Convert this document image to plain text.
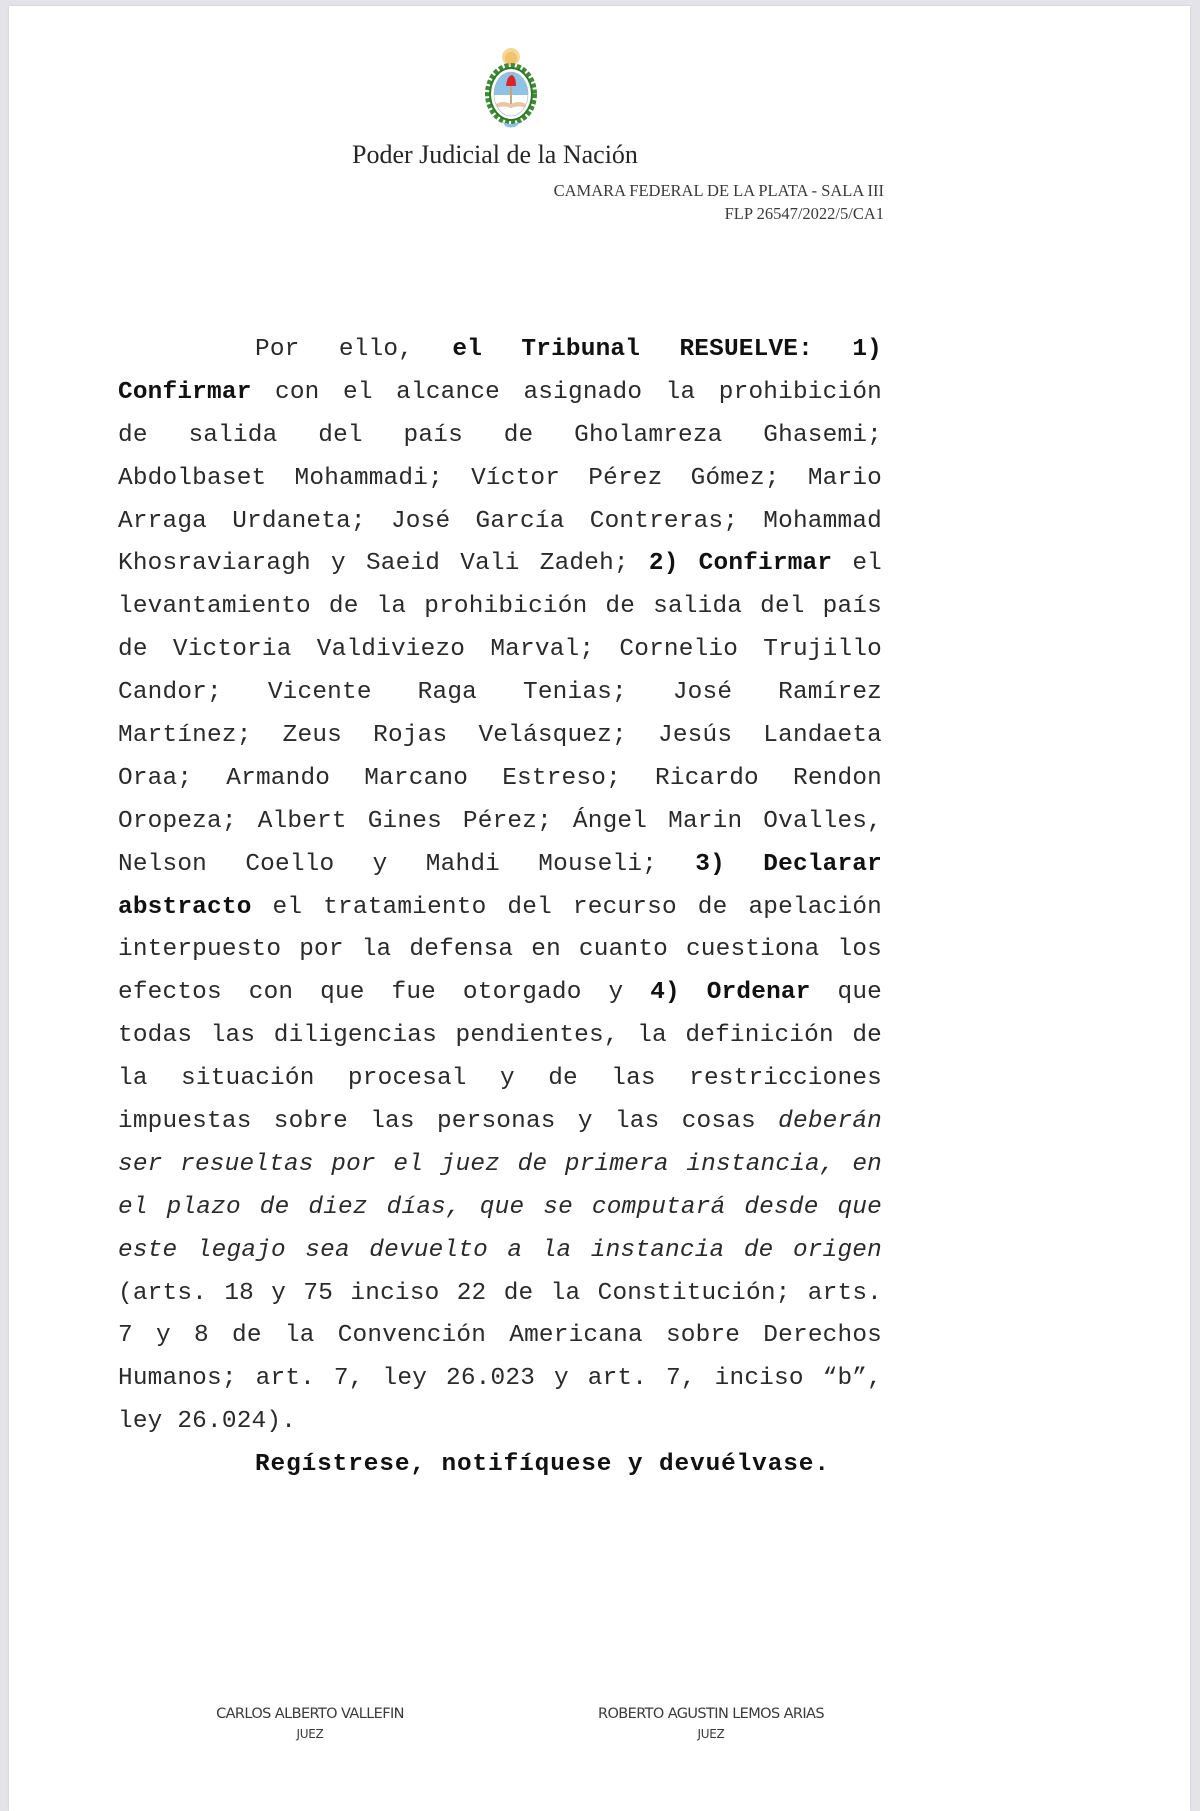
Poder Judicial de la Nación
CAMARA FEDERAL DE LA PLATA - SALA III
FLP 26547/2022/5/CA1
Por ello, el Tribunal RESUELVE: 1)
Confirmar con el alcance asignado la prohibición
de salida del país de Gholamreza Ghasemi;
Abdolbaset Mohammadi; Víctor Pérez Gómez; Mario
Arraga Urdaneta; José García Contreras; Mohammad
Khosraviaragh y Saeid Vali Zadeh; 2) Confirmar el
levantamiento de la prohibición de salida del país
de Victoria Valdiviezo Marval; Cornelio Trujillo
Candor; Vicente Raga Tenias; José Ramírez
Martínez; Zeus Rojas Velásquez; Jesús Landaeta
Oraa; Armando Marcano Estreso; Ricardo Rendon
Oropeza; Albert Gines Pérez; Ángel Marin Ovalles,
Nelson Coello y Mahdi Mouseli; 3) Declarar
abstracto el tratamiento del recurso de apelación
interpuesto por la defensa en cuanto cuestiona los
efectos con que fue otorgado y 4) Ordenar que
todas las diligencias pendientes, la definición de
la situación procesal y de las restricciones
impuestas sobre las personas y las cosas deberán
ser resueltas por el juez de primera instancia, en
el plazo de diez días, que se computará desde que
este legajo sea devuelto a la instancia de origen
(arts. 18 y 75 inciso 22 de la Constitución; arts.
7 y 8 de la Convención Americana sobre Derechos
Humanos; art. 7, ley 26.023 y art. 7, inciso “b”,
ley 26.024).
Regístrese, notifíquese y devuélvase.
CARLOS ALBERTO VALLEFIN
JUEZ
ROBERTO AGUSTIN LEMOS ARIAS
JUEZ
